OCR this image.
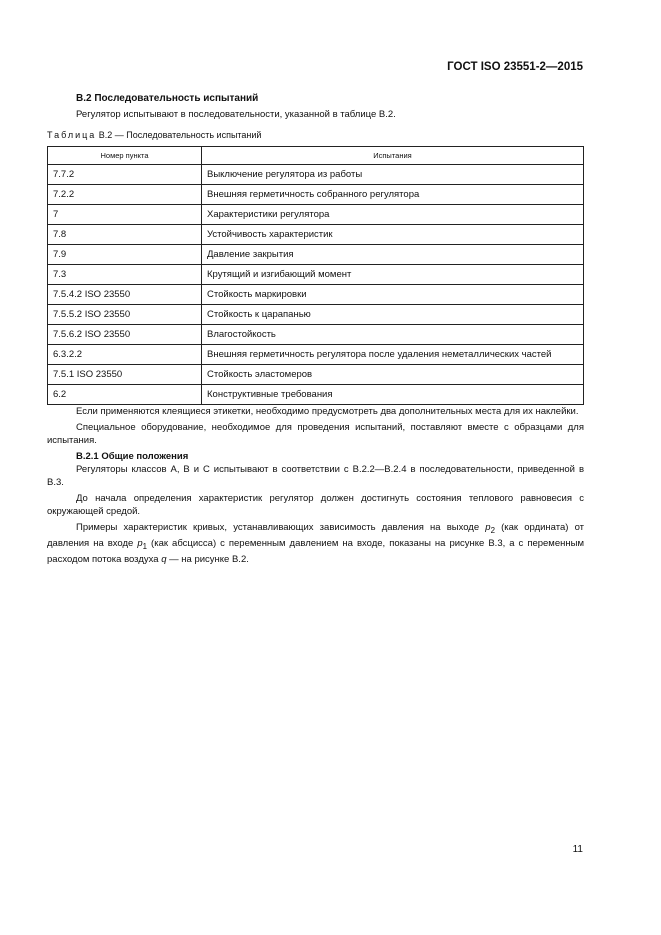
ГОСТ ISO 23551-2—2015
В.2 Последовательность испытаний
Регулятор испытывают в последовательности, указанной в таблице В.2.
Таблица В.2 — Последовательность испытаний
Номер пункта	Испытания
7.7.2	Выключение регулятора из работы
7.2.2	Внешняя герметичность собранного регулятора
7	Характеристики регулятора
7.8	Устойчивость характеристик
7.9	Давление закрытия
7.3	Крутящий и изгибающий момент
7.5.4.2 ISO 23550	Стойкость маркировки
7.5.5.2 ISO 23550	Стойкость к царапанью
7.5.6.2 ISO 23550	Влагостойкость
6.3.2.2	Внешняя герметичность регулятора после удаления неметаллических частей
7.5.1 ISO 23550	Стойкость эластомеров
6.2	Конструктивные требования

Если применяются клеящиеся этикетки, необходимо предусмотреть два дополнительных места для их наклейки.

Специальное оборудование, необходимое для проведения испытаний, поставляют вместе с образцами для испытания.

В.2.1 Общие положения

Регуляторы классов А, В и С испытывают в соответствии с В.2.2—В.2.4 в последовательности, приведенной в В.3.

До начала определения характеристик регулятор должен достигнуть состояния теплового равновесия с окружающей средой.

Примеры характеристик кривых, устанавливающих зависимость давления на выходе $p_2$ (как ордината) от давления на входе $p_1$ (как абсцисса) с переменным давлением на входе, показаны на рисунке В.3, а с переменным расходом потока воздуха q — на рисунке В.2.

11
